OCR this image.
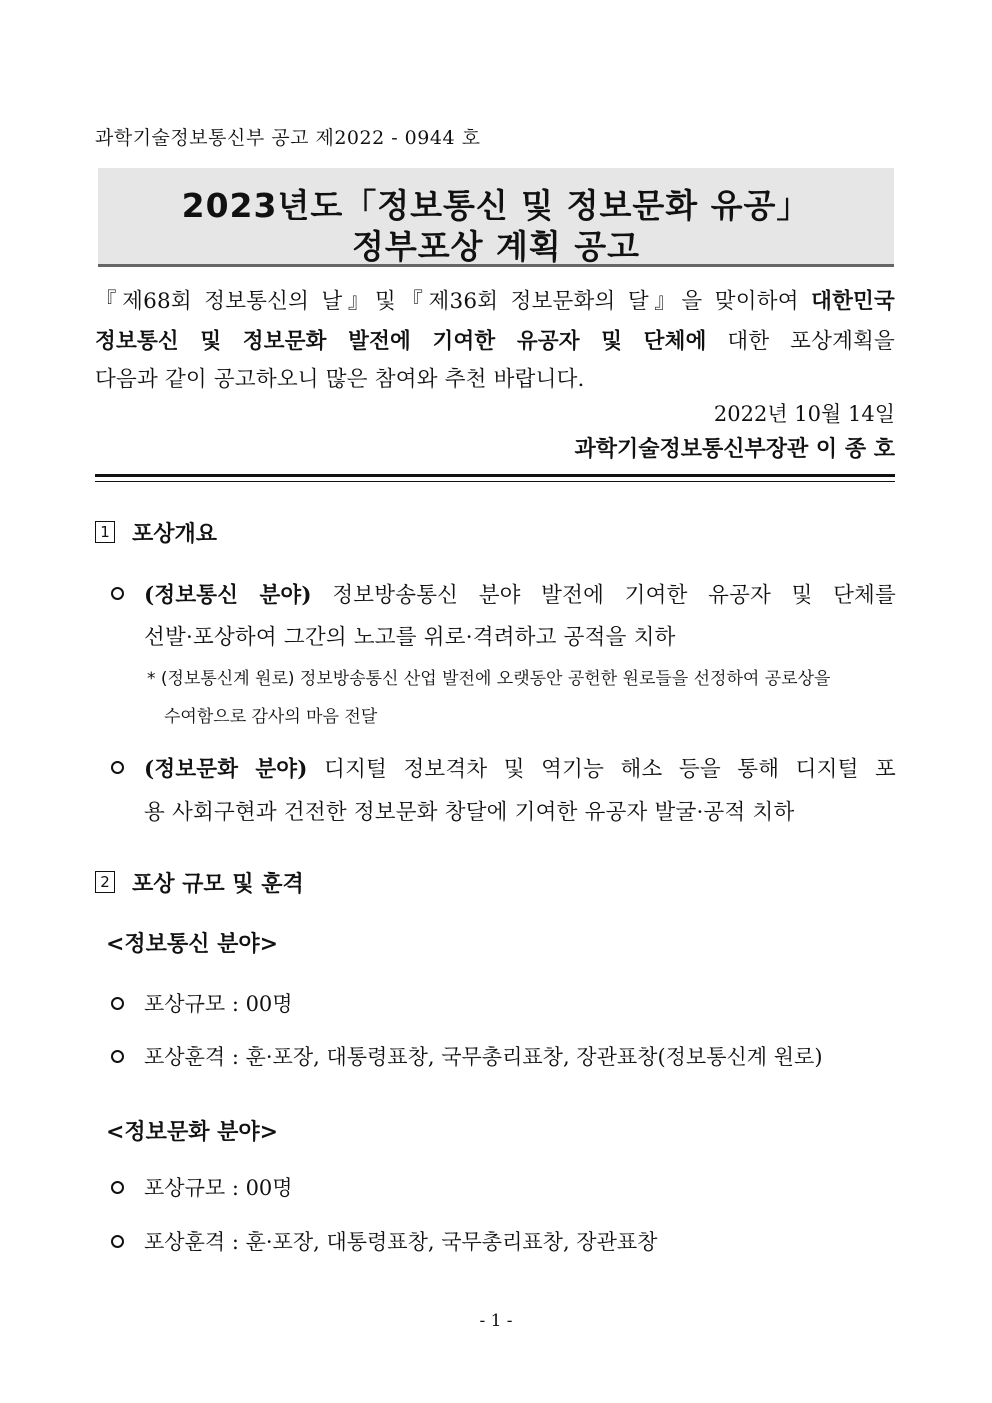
과학기술정보통신부 공고 제2022 - 0944 호
2023년도「정보통신 및 정보문화 유공」
정부포상 계획 공고
『제68회 정보통신의 날』및『제36회 정보문화의 달』을 맞이하여 대한민국
정보통신 및 정보문화 발전에 기여한 유공자 및 단체에 대한 포상계획을
다음과 같이 공고하오니 많은 참여와 추천 바랍니다.
2022년 10월 14일
과학기술정보통신부장관 이 종 호
1 포상개요
(정보통신 분야) 정보방송통신 분야 발전에 기여한 유공자 및 단체를
선발·포상하여 그간의 노고를 위로·격려하고 공적을 치하
* (정보통신계 원로) 정보방송통신 산업 발전에 오랫동안 공헌한 원로들을 선정하여 공로상을
수여함으로 감사의 마음 전달
(정보문화 분야) 디지털 정보격차 및 역기능 해소 등을 통해 디지털 포
용 사회구현과 건전한 정보문화 창달에 기여한 유공자 발굴·공적 치하
2 포상 규모 및 훈격
<정보통신 분야>
포상규모 : 00명
포상훈격 : 훈·포장, 대통령표창, 국무총리표창, 장관표창(정보통신계 원로)
<정보문화 분야>
포상규모 : 00명
포상훈격 : 훈·포장, 대통령표창, 국무총리표창, 장관표창
- 1 -
